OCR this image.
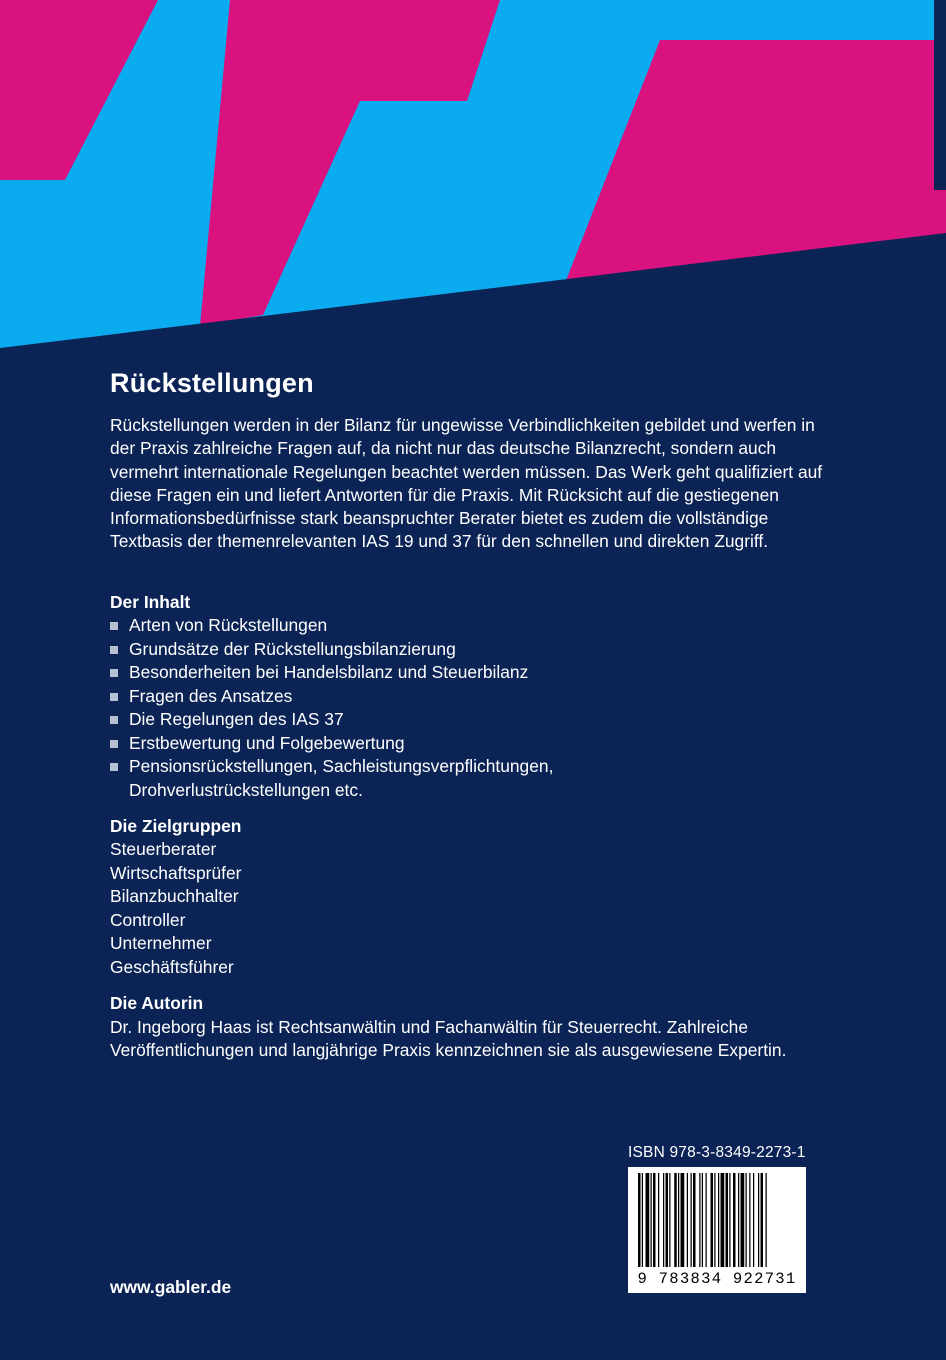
Rückstellungen
Rückstellungen werden in der Bilanz für ungewisse Verbindlichkeiten gebildet und werfen in der Praxis zahlreiche Fragen auf, da nicht nur das deutsche Bilanzrecht, sondern auch vermehrt internationale Regelungen beachtet werden müssen. Das Werk geht qualifiziert auf diese Fragen ein und liefert Antworten für die Praxis. Mit Rücksicht auf die gestiegenen Informationsbedürfnisse stark beanspruchter Berater bietet es zudem die vollständige Textbasis der themenrelevanten IAS 19 und 37 für den schnellen und direkten Zugriff.
Der Inhalt
Arten von Rückstellungen
Grundsätze der Rückstellungsbilanzierung
Besonderheiten bei Handelsbilanz und Steuerbilanz
Fragen des Ansatzes
Die Regelungen des IAS 37
Erstbewertung und Folgebewertung
Pensionsrückstellungen, Sachleistungsverpflichtungen, Drohverlustrückstellungen etc.
Die Zielgruppen
Steuerberater
Wirtschaftsprüfer
Bilanzbuchhalter
Controller
Unternehmer
Geschäftsführer
Die Autorin
Dr. Ingeborg Haas ist Rechtsanwältin und Fachanwältin für Steuerrecht. Zahlreiche Veröffentlichungen und langjährige Praxis kennzeichnen sie als ausgewiesene Expertin.
ISBN 978-3-8349-2273-1
9 783834 922731
www.gabler.de
